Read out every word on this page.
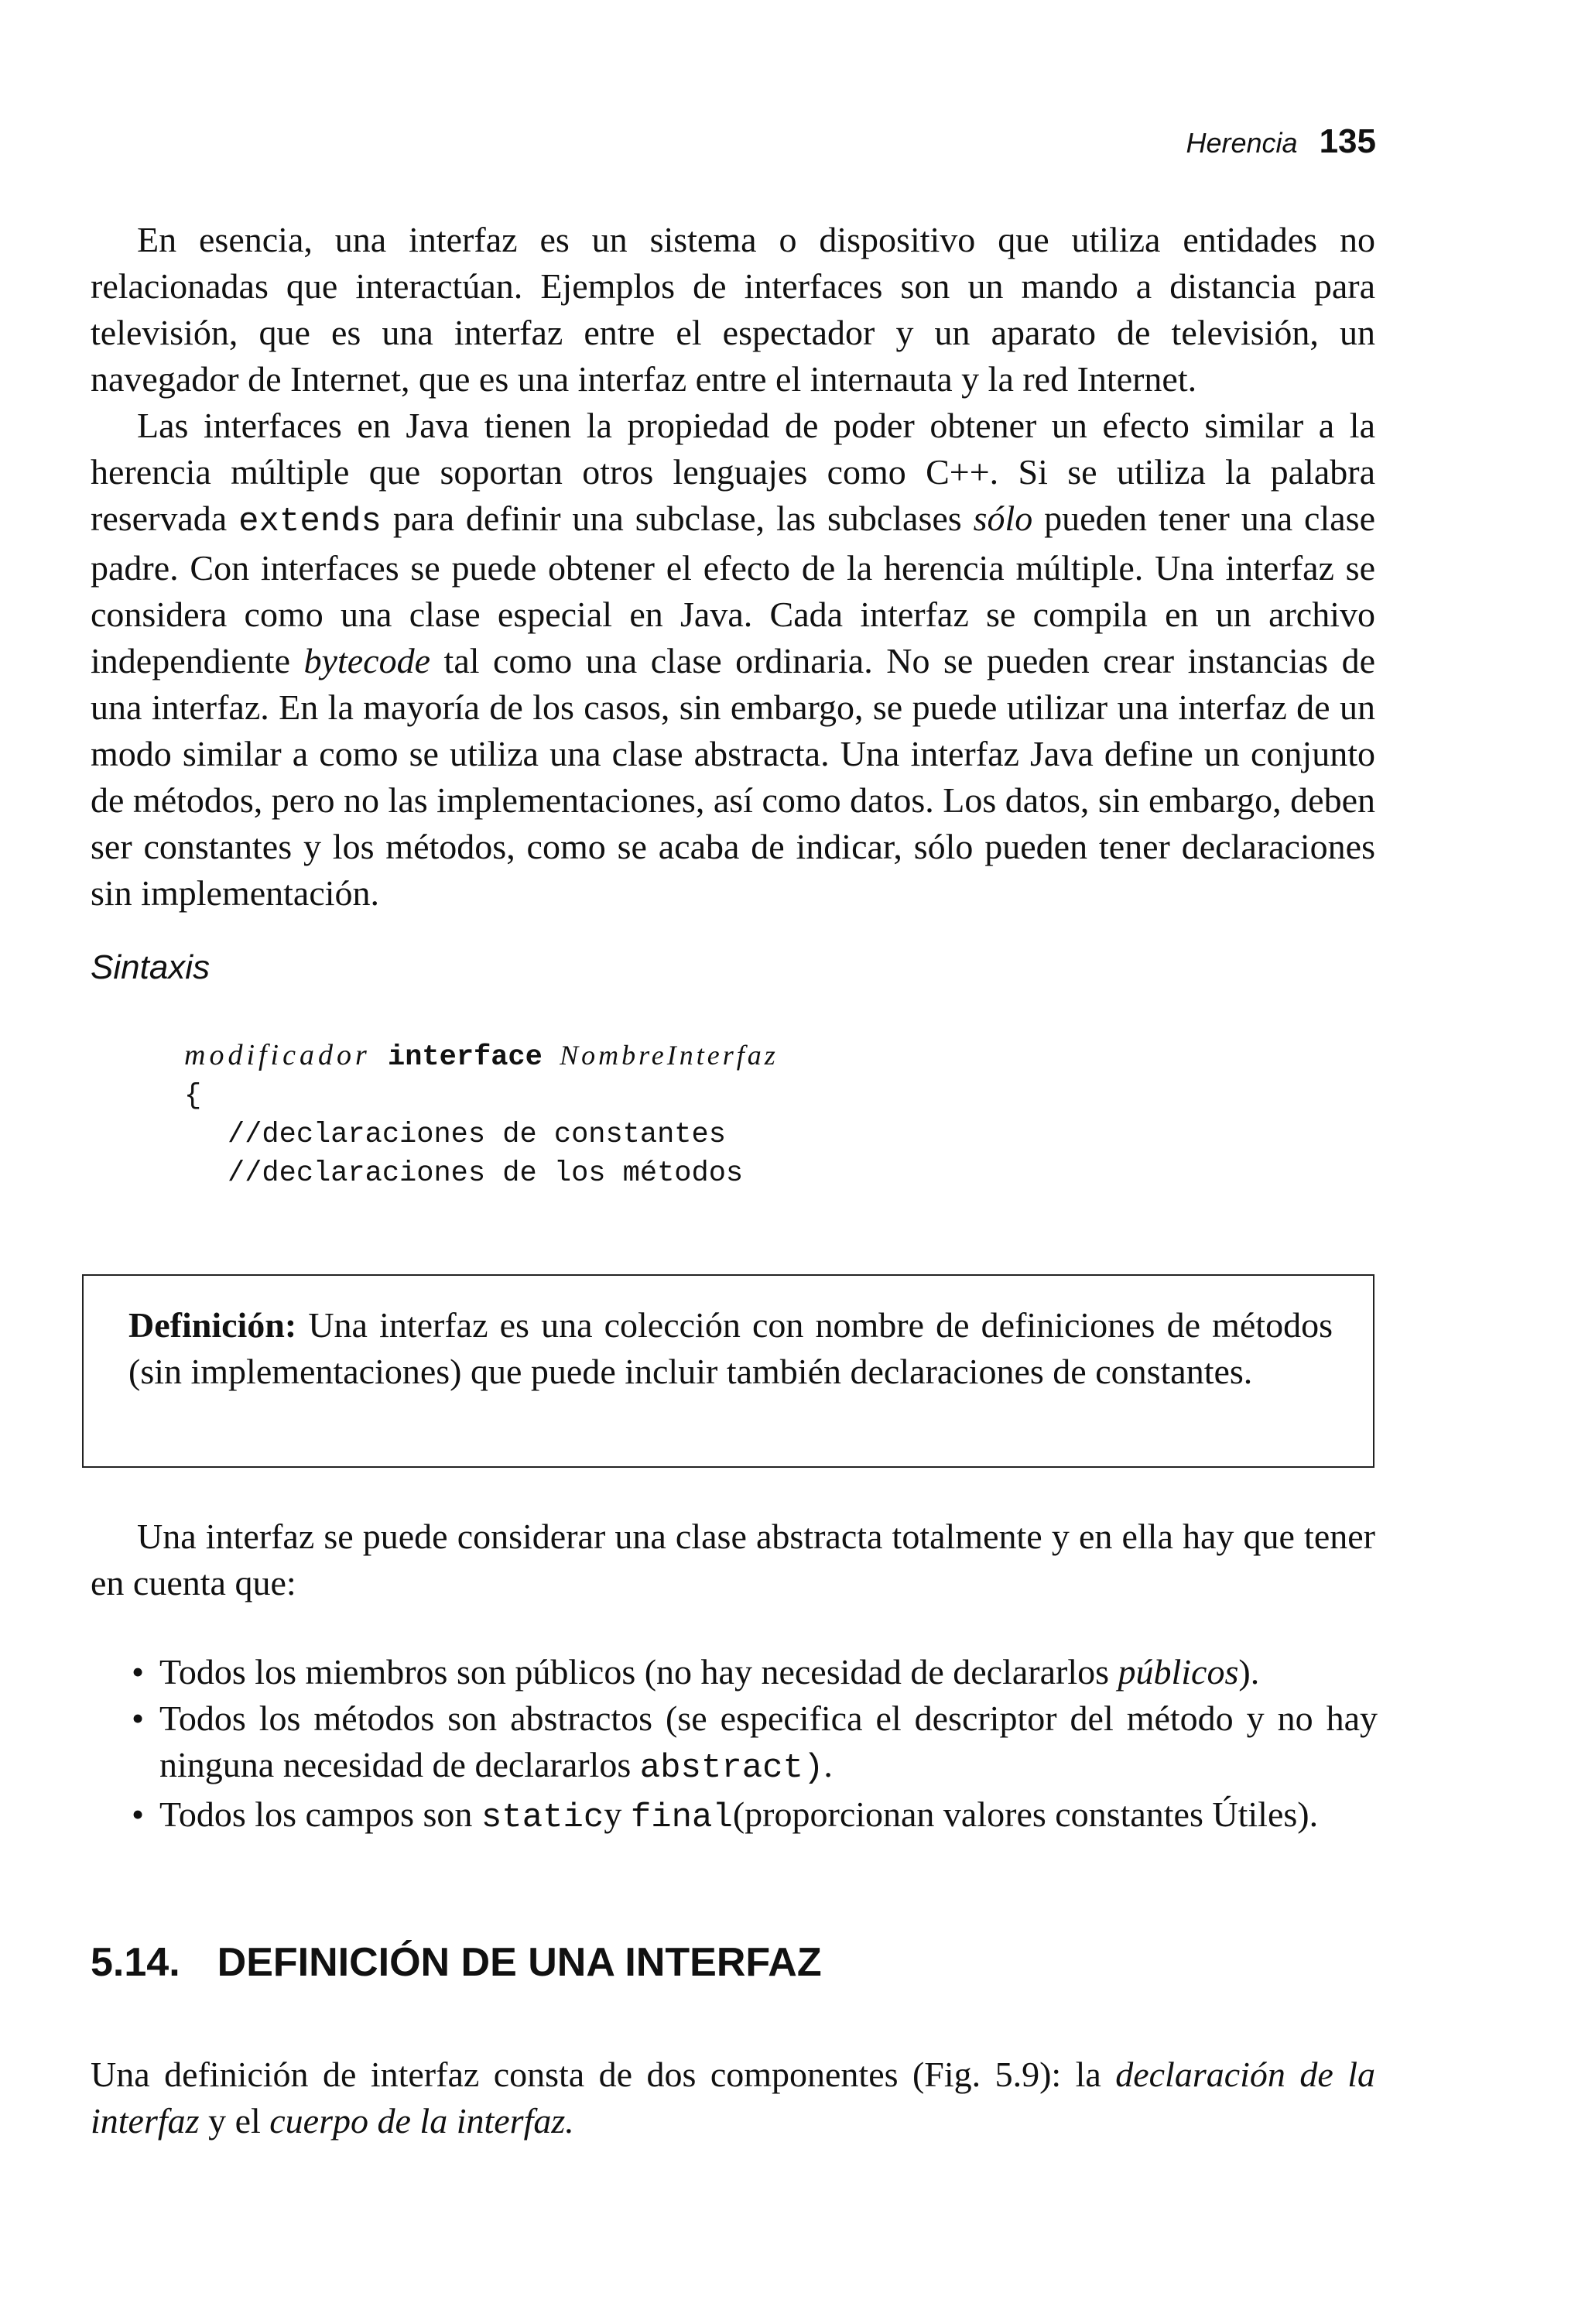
Herencia 135

En esencia, una interfaz es un sistema o dispositivo que utiliza entidades no relacionadas que interactúan. Ejemplos de interfaces son un mando a distancia para televisión, que es una interfaz entre el espectador y un aparato de televisión, un navegador de Internet, que es una interfaz entre el internauta y la red Internet.

Las interfaces en Java tienen la propiedad de poder obtener un efecto similar a la herencia múltiple que soportan otros lenguajes como C++. Si se utiliza la palabra reservada extends para definir una subclase, las subclases sólo pueden tener una clase padre. Con interfaces se puede obtener el efecto de la herencia múltiple. Una interfaz se considera como una clase especial en Java. Cada interfaz se compila en un archivo independiente bytecode tal como una clase ordinaria. No se pueden crear instancias de una interfaz. En la mayoría de los casos, sin embargo, se puede utilizar una interfaz de un modo similar a como se utiliza una clase abstracta. Una interfaz Java define un conjunto de métodos, pero no las implementaciones, así como datos. Los datos, sin embargo, deben ser constantes y los métodos, como se acaba de indicar, sólo pueden tener declaraciones sin implementación.

Sintaxis

modificador interface NombreInterfaz
{
//declaraciones de constantes
//declaraciones de los métodos

Definición: Una interfaz es una colección con nombre de definiciones de métodos (sin implementaciones) que puede incluir también declaraciones de constantes.

Una interfaz se puede considerar una clase abstracta totalmente y en ella hay que tener en cuenta que:

• Todos los miembros son públicos (no hay necesidad de declararlos públicos).
• Todos los métodos son abstractos (se especifica el descriptor del método y no hay ninguna necesidad de declararlos abstract).
• Todos los campos son staticy final(proporcionan valores constantes Útiles).
5.14. DEFINICIÓN DE UNA INTERFAZ

Una definición de interfaz consta de dos componentes (Fig. 5.9): la declaración de la interfaz y el cuerpo de la interfaz.
